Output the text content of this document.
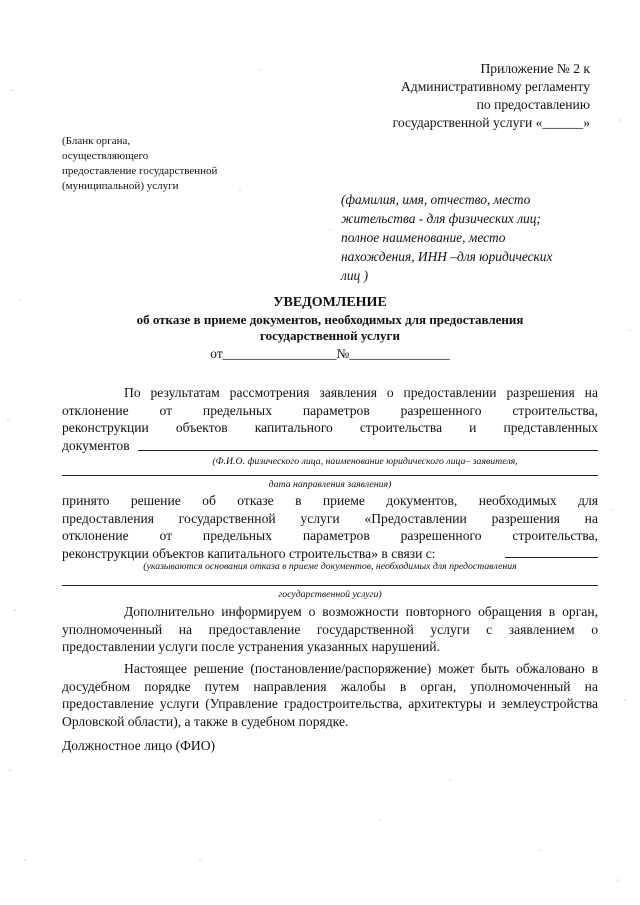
Приложение № 2 к
Административному регламенту
по предоставлению
государственной услуги «______»
(Бланк органа,
осуществляющего
предоставление государственной
(муниципальной) услуги
(фамилия, имя, отчество, место
жительства - для физических лиц;
полное наименование, место
нахождения, ИНН –для юридических
лиц )
УВЕДОМЛЕНИЕ
об отказе в приеме документов, необходимых для предоставления
государственной услуги
от_________________№_______________
По результатам рассмотрения заявления о предоставлении разрешения на
отклонение от предельных параметров разрешенного строительства,
реконструкции объектов капитального строительства и представленных
документов
(Ф.И.О. физического лица, наименование юридического лица– заявителя,
дата направления заявления)
принято решение об отказе в приеме документов, необходимых для
предоставления государственной услуги «Предоставлении разрешения на
отклонение от предельных параметров разрешенного строительства,
реконструкции объектов капитального строительства» в связи с:
(указываются основания отказа в приеме документов, необходимых для предоставления
государственной услуги)
Дополнительно информируем о возможности повторного обращения в орган, уполномоченный на предоставление государственной услуги с заявлением о предоставлении услуги после устранения указанных нарушений.
Настоящее решение (постановление/распоряжение) может быть обжаловано в досудебном порядке путем направления жалобы в орган, уполномоченный на предоставление услуги (Управление градостроительства, архитектуры и землеустройства Орловской области), а также в судебном порядке.
Должностное лицо (ФИО)
